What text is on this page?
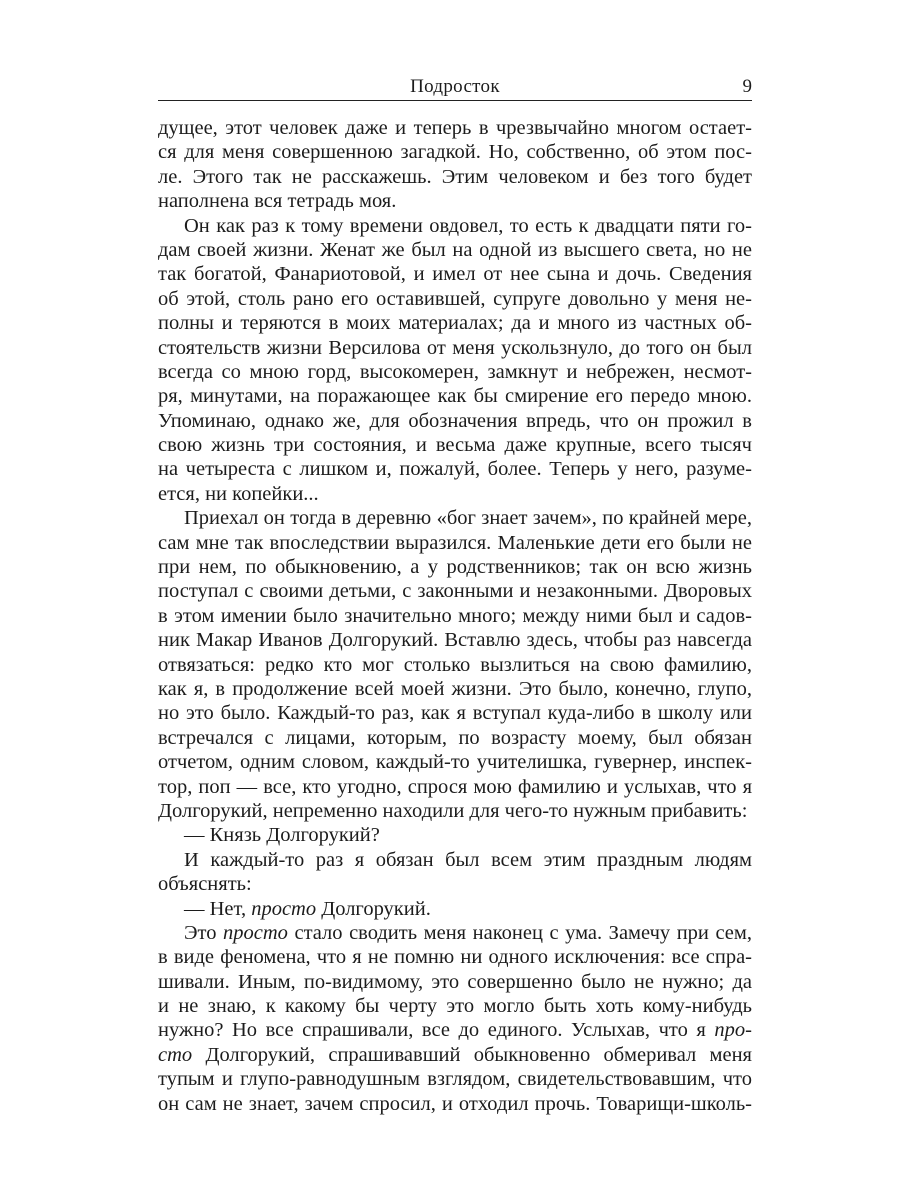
Подросток	9
дущее, этот человек даже и теперь в чрезвычайно многом остает-
ся для меня совершенною загадкой. Но, собственно, об этом пос-
ле. Этого так не расскажешь. Этим человеком и без того будет
наполнена вся тетрадь моя.
Он как раз к тому времени овдовел, то есть к двадцати пяти го-
дам своей жизни. Женат же был на одной из высшего света, но не
так богатой, Фанариотовой, и имел от нее сына и дочь. Сведения
об этой, столь рано его оставившей, супруге довольно у меня не-
полны и теряются в моих материалах; да и много из частных об-
стоятельств жизни Версилова от меня ускользнуло, до того он был
всегда со мною горд, высокомерен, замкнут и небрежен, несмот-
ря, минутами, на поражающее как бы смирение его передо мною.
Упоминаю, однако же, для обозначения впредь, что он прожил в
свою жизнь три состояния, и весьма даже крупные, всего тысяч
на четыреста с лишком и, пожалуй, более. Теперь у него, разуме-
ется, ни копейки...
Приехал он тогда в деревню «бог знает зачем», по крайней мере,
сам мне так впоследствии выразился. Маленькие дети его были не
при нем, по обыкновению, а у родственников; так он всю жизнь
поступал с своими детьми, с законными и незаконными. Дворовых
в этом имении было значительно много; между ними был и садов-
ник Макар Иванов Долгорукий. Вставлю здесь, чтобы раз навсегда
отвязаться: редко кто мог столько вызлиться на свою фамилию,
как я, в продолжение всей моей жизни. Это было, конечно, глупо,
но это было. Каждый-то раз, как я вступал куда-либо в школу или
встречался с лицами, которым, по возрасту моему, был обязан
отчетом, одним словом, каждый-то учителишка, гувернер, инспек-
тор, поп — все, кто угодно, спрося мою фамилию и услыхав, что я
Долгорукий, непременно находили для чего-то нужным прибавить:
— Князь Долгорукий?
И каждый-то раз я обязан был всем этим праздным людям
объяснять:
— Нет, просто Долгорукий.
Это просто стало сводить меня наконец с ума. Замечу при сем,
в виде феномена, что я не помню ни одного исключения: все спра-
шивали. Иным, по-видимому, это совершенно было не нужно; да
и не знаю, к какому бы черту это могло быть хоть кому-нибудь
нужно? Но все спрашивали, все до единого. Услыхав, что я про-
сто Долгорукий, спрашивавший обыкновенно обмеривал меня
тупым и глупо-равнодушным взглядом, свидетельствовавшим, что
он сам не знает, зачем спросил, и отходил прочь. Товарищи-школь-
